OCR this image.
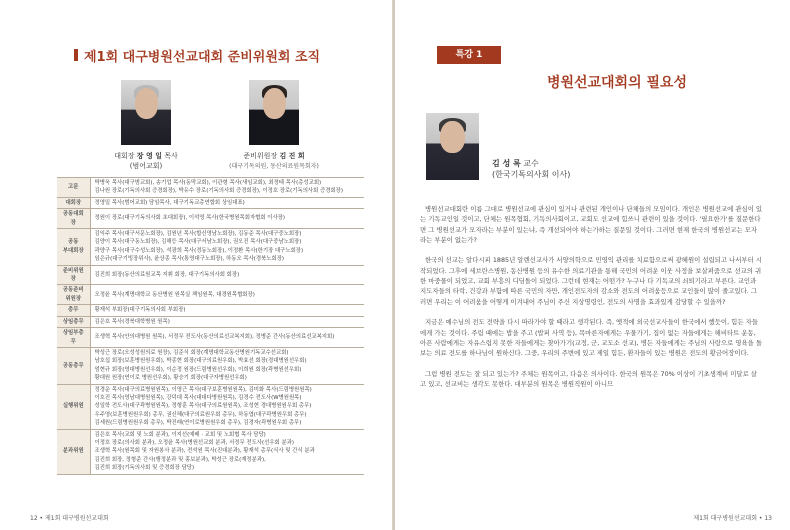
제1회 대구병원선교대회 준비위원회 조직
대회장 장 영 일 목사
(범어교회)
준비위원장 김 진 희
(대구기독의원, 동산의료원목회자)
고문	박병욱 목사(대구범교회), 송기업 목사(동막교회), 이관형 목사(새임교회), 최정태 목사(총성교회)
김나원 장로(기독의사회 증경회장), 박유수 장로(기독의사회 증경회장), 이정호 장로(기독의사회 증경회장)
대회장	정영일 목사(범어교회) 담임목사, 대구기독교총연합회 상임대표)
공동대회장	정원이 장로(대구기독의사회 초대회장), 이석영 목사(한국병원목회자협회 이사장)
공동
부대회장	김익주 목사(대구서문노회장), 김원년 목사(합신영남노회장), 김동준 목사(대구중노회장)
김양이 목사(대구동노회장), 김해등 목사(대구서남노회장), 권오진 목사(대구중남노회장)
곽양구 목사(대구수성노회장), 석광희 목사(경동노회장), 이정환 목사(한기장 대구노회장)
임은규(대구기빙장위사), 윤상종 목사(통영대구노회장), 하동오 목사(경북노회장)
준비위원장	김진희 회장(동산의료원교목 지휘 회장, 대구기독의사회 회장)
공동준비위원장	오정윤 목사(계명대학교 동산병원 원목실 책임원목, 대경원목협회장)
총무	황재석 부회장(대구기독의사회 부회장)
상임총무	김은호 목사(경북대학병원 원목)
상임부총무	조생혁 목사(안의대병원 원목), 서정무 전도사(동산의료선교복지회), 정병준 간사(동산의료선교복지회)
공동총무	박성근 장로(오성성원의료 원장), 김준식 회장(계명대학교동산병원기독교수선교회)
남호섭 회장(보훈병원원우회), 박종현 회장(대구의료원우회), 박효선 회장(경대병원선우회)
엄현규 회장(영대병원선우회), 이순정 원장(드림병원선우회), 이희원 회장(곽병원선우회)
황대원 원장(연이로 병원선우회), 황승기 회장(대구자병원선우회)
실행위원	정경운 목사(대구의료병원원목), 이영근 목사(대구보훈병원원목), 김미화 목사(드림병원원목)
이호진 목사(영남대병원원목), 강덕대 목사(대대다병원원목), 김경수 전도사(W병원원목)
성일학 전도사(대구곽병원원목), 정형훈 목사(대구의료원원목), 조성현 경대병원원우회 총무)
우주영(보훈병원원우회) 총무, 권신혜(대구의료원우회 총무), 하동엽(대구곽병원우회 총무)
김세원(드림병원원우회 총무), 박진래(연이로병원원우회 총무), 김경자(곽병원우회 총무)
분과위원	김은호 목사(교회 및 노회 분과), 이지선(예배 · 교회 및 노회협 목사 담당)
이정호 장로(의사회 분과), 오정윤 목사(병원선교회 분과, 서정무 전도사(선우회 분과)
조생혁 목사(원목회 및 자원봉사 분과), 전석원 목사(진대분과), 황재석 총무(식사 및 간식 분과
김진희 회장, 정형준 간사(행정분과 및 홍보분과), 박성근 장로(재정분과),
김진희 회장(기독의사회 및 증경회장 담당)
12 • 제1회 대구병원선교대회
특강 1
병원선교대회의 필요성
김 성 록 교수
(한국기독의사회 이사)

병원선교대회란 이름 그대로 병원선교에 관심이 있거나 관련된 개인이나 단체들의 모임이다. 개인은 병원선교에 관심이 있는 기독교인일 것이고, 단체는 원목협회, 기독의사회이고, 교회도 선교에 힘쓰니 관련이 있을 것이다. '필요한가'를 질문한다면 그 병원선교가 모자라는 부분이 있는냐, 즉 개선되어야 하는가하는 질문일 것이다. 그러면 현재 한국의 병원선교는 모자라는 부분이 없는가?

한국의 선교는 알다시피 1885년 알렌선교사가 서양의학으로 민영익 관리를 치료함으로써 광혜원이 설립되고 나서부터 시작되었다. 그후에 세브란스병원, 동산병원 등의 유수한 의료기관을 통해 국민의 어려운 이웃 사정을 보살펴줌으로 선교의 귀한 마중물이 되었고, 교회 부흥의 디딤돌이 되었다. 그런데 현재는 어떤가? 누구나 다 기독교의 쇠퇴기라고 부른다. 교인과 지도자들의 타락, 건강과 부함에 따른 국민의 자만, 개인전도자의 감소와 전도의 어려움등으로 교인들이 많이 줄고있다. 그러면 우리는 이 어려움을 어떻게 이겨내어 주님이 주신 지상명령인, 전도의 사명을 효과있게 감당할 수 있을까?

지금은 예수님의 전도 전략을 다시 따라가야 할 때라고 생각된다. 즉, 옛적에 외국선교사들이 한국에서 했듯이, 힘든 자들에게 가는 것이다. 주림 때에는 밥을 주고 (밥퍼 사역 등), 목마른자에게는 우물가기, 집이 없는 자들에게는 해비타트 운동, 아픈 사람에게는 자유스럽지 못한 자들에게는 찾아가기(교정, 군, 교도소 선교), 병든 자들에게는 주님의 사랑으로 영육을 돌보는 의료 전도를 하나님이 원하신다. 그중, 우리의 주변에 있고 제일 힘든, 환자들이 있는 병원은 전도의 황금어장이다.

그럼 병원 전도는 잘 되고 있는가? 주체는 원목이고, 다음은 의사이다. 한국의 원목은 70% 이상이 기초생계비 미달로 살고 있고, 선교비는 생각도 못한다. 대부분의 원목은 병원직원이 아니므

제1회 대구병원선교대회 • 13
